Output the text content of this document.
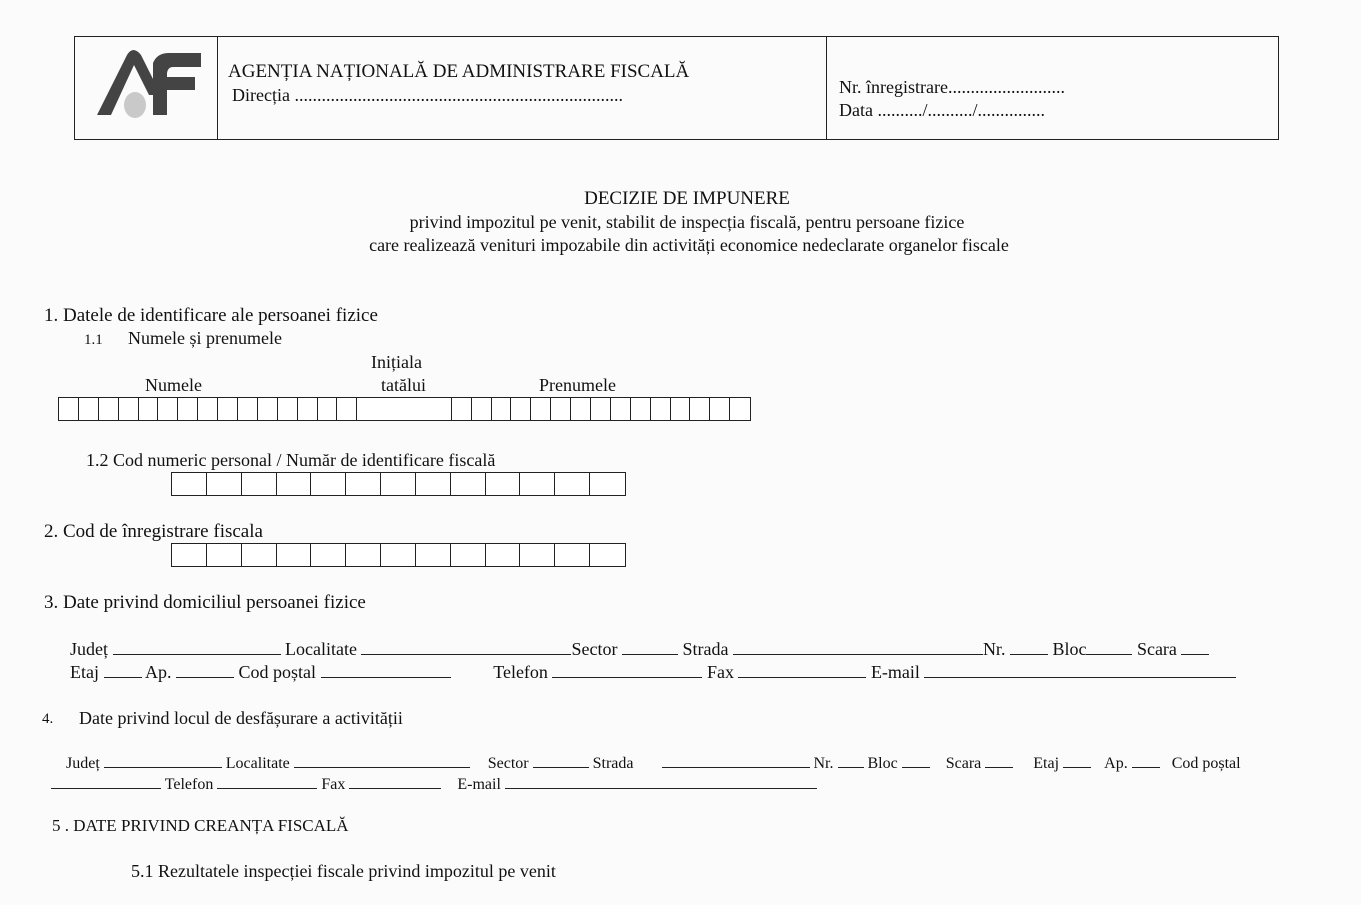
AGENȚIA NAȚIONALĂ DE ADMINISTRARE FISCALĂ
Direcția .........................................................................	Nr. înregistrare..........................
Data ........../........../...............
DECIZIE DE IMPUNERE
privind impozitul pe venit, stabilit de inspecția fiscală, pentru persoane fizice
care realizează venituri impozabile din activități economice nedeclarate organelor fiscale
1. Datele de identificare ale persoanei fizice
1.1 Numele și prenumele
Inițiala
Numele	tatălui	Prenumele
1.2 Cod numeric personal / Număr de identificare fiscală
2. Cod de înregistrare fiscala
3. Date privind domiciliul persoanei fizice
Județ	Localitate	Sector	Strada	Nr.	Bloc	Scara
Etaj	Ap.	Cod poștal	Telefon	Fax	E-mail
4. Date privind locul de desfășurare a activității
Județ	Localitate	Sector	Strada	Nr. Bloc	Scara	Etaj	Ap.	Cod poștal
Telefon	Fax	E-mail
5 . DATE PRIVIND CREANȚA FISCALĂ
5.1 Rezultatele inspecției fiscale privind impozitul pe venit
